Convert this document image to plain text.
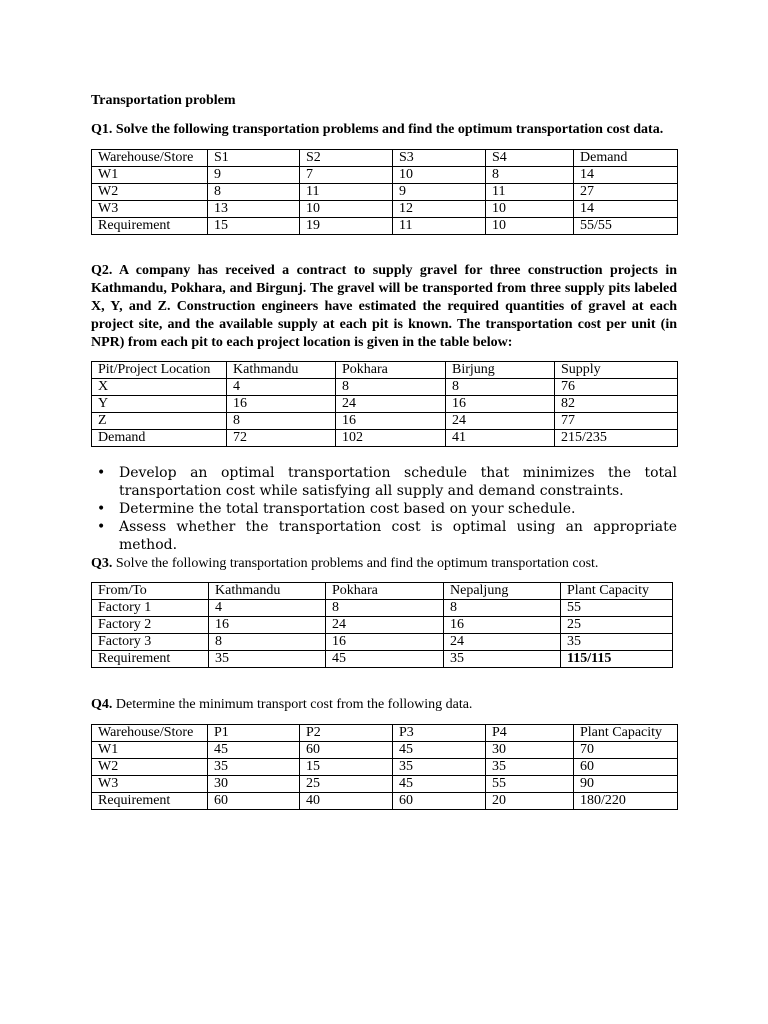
Transportation problem
Q1. Solve the following transportation problems and find the optimum transportation cost data.
Warehouse/Store	S1	S2	S3	S4	Demand
W1	9	7	10	8	14
W2	8	11	9	11	27
W3	13	10	12	10	14
Requirement	15	19	11	10	55/55
Q2. A company has received a contract to supply gravel for three construction projects in Kathmandu, Pokhara, and Birgunj. The gravel will be transported from three supply pits labeled X, Y, and Z. Construction engineers have estimated the required quantities of gravel at each project site, and the available supply at each pit is known. The transportation cost per unit (in NPR) from each pit to each project location is given in the table below:
Pit/Project Location	Kathmandu	Pokhara	Birjung	Supply
X	4	8	8	76
Y	16	24	16	82
Z	8	16	24	77
Demand	72	102	41	215/235
• Develop an optimal transportation schedule that minimizes the total transportation cost while satisfying all supply and demand constraints.
• Determine the total transportation cost based on your schedule.
• Assess whether the transportation cost is optimal using an appropriate method.
Q3. Solve the following transportation problems and find the optimum transportation cost.
From/To	Kathmandu	Pokhara	Nepaljung	Plant Capacity
Factory 1	4	8	8	55
Factory 2	16	24	16	25
Factory 3	8	16	24	35
Requirement	35	45	35	115/115
Q4. Determine the minimum transport cost from the following data.
Warehouse/Store	P1	P2	P3	P4	Plant Capacity
W1	45	60	45	30	70
W2	35	15	35	35	60
W3	30	25	45	55	90
Requirement	60	40	60	20	180/220
